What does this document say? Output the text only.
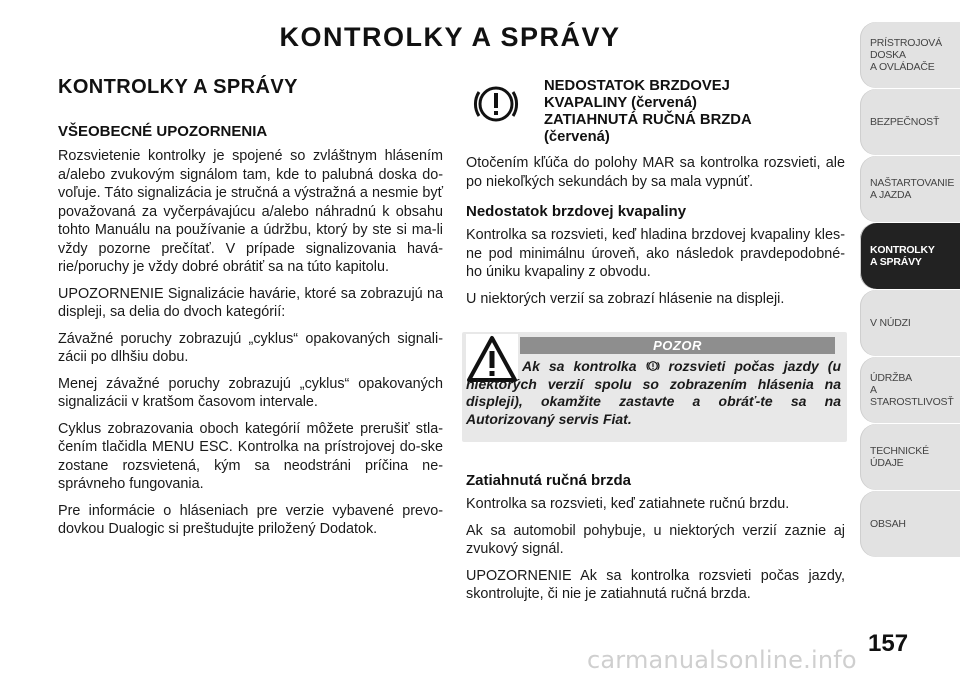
KONTROLKY A SPRÁVY
KONTROLKY A SPRÁVY
VŠEOBECNÉ UPOZORNENIA

Rozsvietenie kontrolky je spojené so zvláštnym hlásením a/alebo zvukovým signálom tam, kde to palubná doska do-voľuje. Táto signalizácia je stručná a výstražná a nesmie byť považovaná za vyčerpávajúcu a/alebo náhradnú k obsahu tohto Manuálu na používanie a údržbu, ktorý by ste si ma-li vždy pozorne prečítať. V prípade signalizovania havá-rie/poruchy je vždy dobré obrátiť sa na túto kapitolu.

UPOZORNENIE Signalizácie havárie, ktoré sa zobrazujú na displeji, sa delia do dvoch kategórií:

Závažné poruchy zobrazujú „cyklus“ opakovaných signali-zácii po dlhšiu dobu.

Menej závažné poruchy zobrazujú „cyklus“ opakovaných signalizácii v kratšom časovom intervale.

Cyklus zobrazovania oboch kategórií môžete prerušiť stla-čením tlačidla MENU ESC. Kontrolka na prístrojovej do-ske zostane rozsvietená, kým sa neodstráni príčina ne-správneho fungovania.

Pre informácie o hláseniach pre verzie vybavené prevo-dovkou Dualogic si preštudujte priložený Dodatok.

NEDOSTATOK BRZDOVEJ
KVAPALINY (červená)
ZATIAHNUTÁ RUČNÁ BRZDA
(červená)

Otočením kľúča do polohy MAR sa kontrolka rozsvieti, ale po niekoľkých sekundách by sa mala vypnúť.

Nedostatok brzdovej kvapaliny

Kontrolka sa rozsvieti, keď hladina brzdovej kvapaliny kles-ne pod minimálnu úroveň, ako následok pravdepodobné-ho úniku kvapaliny z obvodu.

U niektorých verzií sa zobrazí hlásenie na displeji.

POZOR
Ak sa kontrolka rozsvieti počas jazdy (u niektorých verzií spolu so zobrazením hlásenia na displeji), okamžite zastavte a obráť-te sa na Autorizovaný servis Fiat.
Zatiahnutá ručná brzda

Kontrolka sa rozsvieti, keď zatiahnete ručnú brzdu.

Ak sa automobil pohybuje, u niektorých verzií zaznie aj zvukový signál.

UPOZORNENIE Ak sa kontrolka rozsvieti počas jazdy, skontrolujte, či nie je zatiahnutá ručná brzda.

PRÍSTROJOVÁ
DOSKA
A OVLÁDAČE
BEZPEČNOSŤ
NAŠTARTOVANIE
A JAZDA
KONTROLKY
A SPRÁVY
V NÚDZI
ÚDRŽBA
A STAROSTLIVOSŤ
TECHNICKÉ ÚDAJE
OBSAH
157
carmanualsonline.info
